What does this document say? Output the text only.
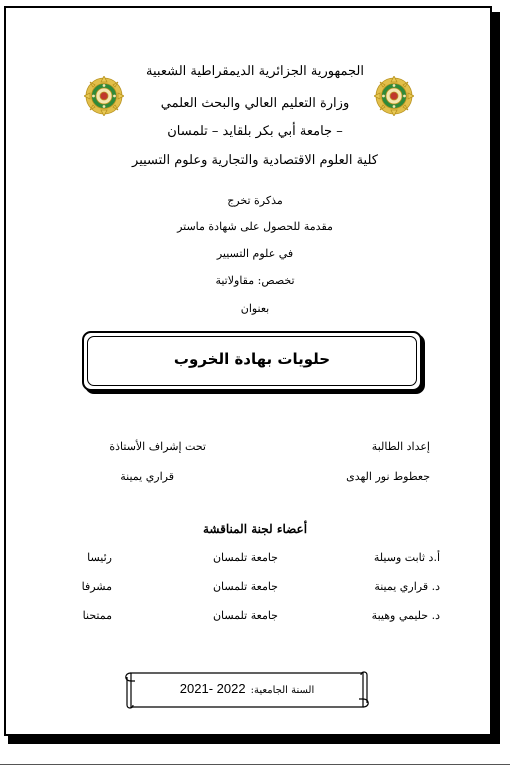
الجمهورية الجزائرية الديمقراطية الشعبية
وزارة التعليم العالي والبحث العلمي
جامعة أبي بكر بلقايد – تلمسان –
كلية العلوم الاقتصادية والتجارية وعلوم التسيير
مذكرة تخرج
مقدمة للحصول على شهادة ماستر
في علوم التسيير
تخصص: مقاولاتية
بعنوان
حلويات بهادة الخروب
إعداد الطالبة
جعطوط نور الهدى
تحت إشراف الأستاذة
قراري يمينة
أعضاء لجنة المناقشة
أ.د ثابت وسيلة
جامعة تلمسان
رئيسا
د. قراري يمينة
جامعة تلمسان
مشرفا
د. حليمي وهيبة
جامعة تلمسان
ممتحنا
السنة الجامعية: 2021- 2022
